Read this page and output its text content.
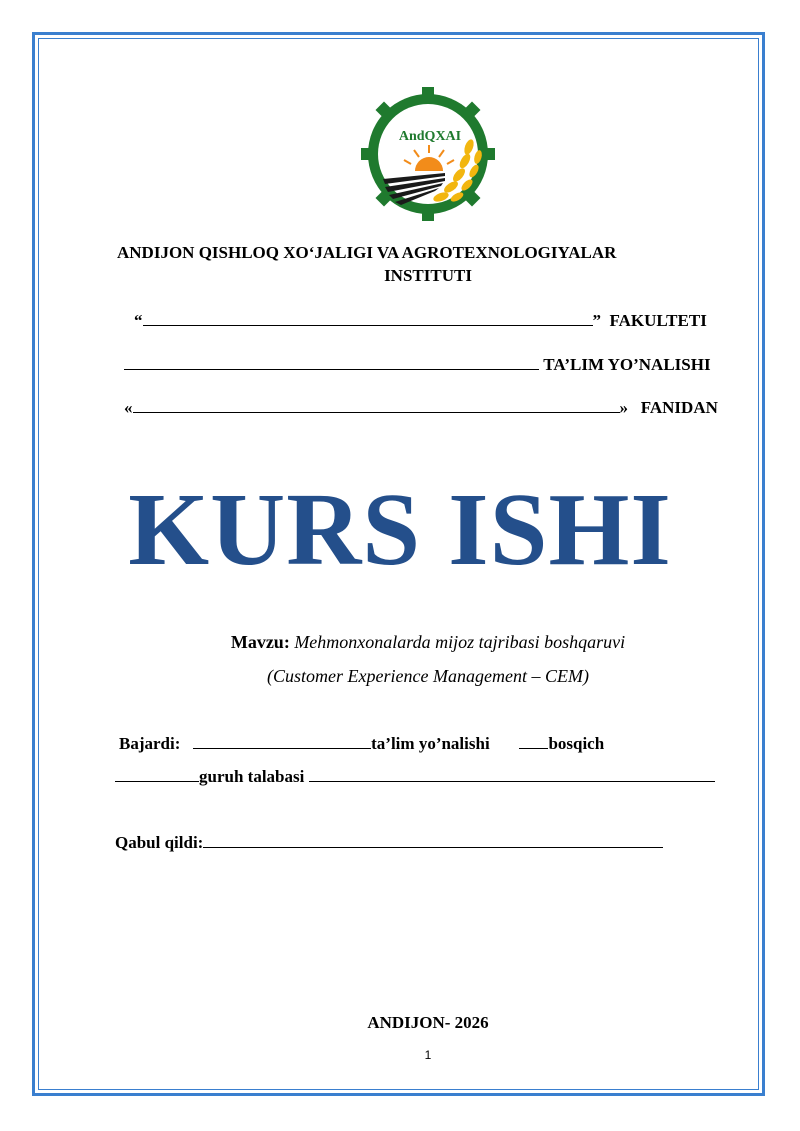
AndQXAI
ANDIJON QISHLOQ XO‘JALIGI VA AGROTEXNOLOGIYALAR
INSTITUTI
“	” FAKULTETI
TA’LIM YO’NALISHI
«	» FANIDAN
KURS ISHI
Mavzu: Mehmonxonalarda mijoz tajribasi boshqaruvi
(Customer Experience Management – CEM)
Bajardi:	ta’lim yo’nalishi	bosqich
guruh talabasi
Qabul qildi:
ANDIJON- 2026
1
